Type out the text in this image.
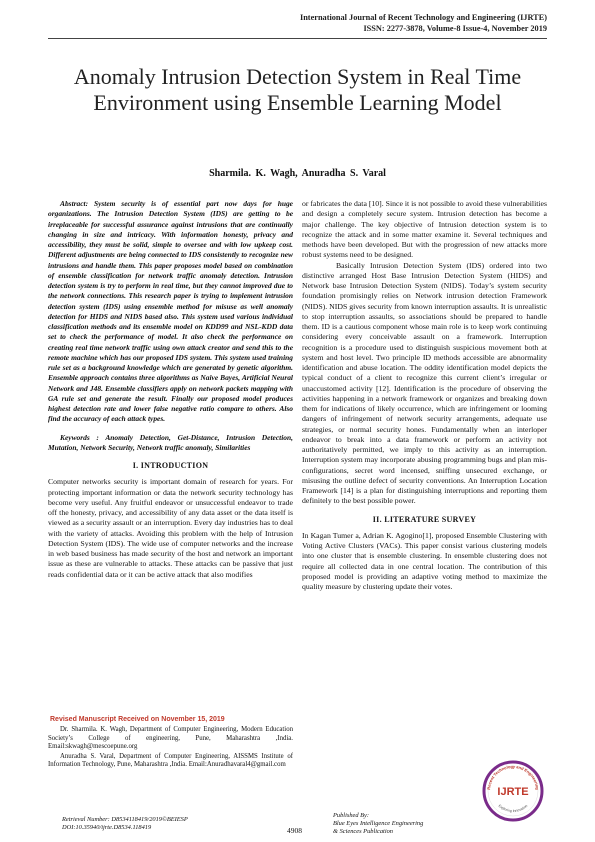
International Journal of Recent Technology and Engineering (IJRTE)
ISSN: 2277-3878, Volume-8 Issue-4, November 2019
Anomaly Intrusion Detection System in Real Time Environment using Ensemble Learning Model
Sharmila. K. Wagh, Anuradha S. Varal

Abstract: System security is of essential part now days for huge organizations. The Intrusion Detection System (IDS) are getting to be irreplaceable for successful assurance against intrusions that are continually changing in size and intricacy. With information honesty, privacy and accessibility, they must be solid, simple to oversee and with low upkeep cost. Different adjustments are being connected to IDS consistently to recognize new intrusions and handle them. This paper proposes model based on combination of ensemble classification for network traffic anomaly detection. Intrusion detection system is try to perform in real time, but they cannot improved due to the network connections. This research paper is trying to implement intrusion detection system (IDS) using ensemble method for misuse as well anomaly detection for HIDS and NIDS based also. This system used various individual classification methods and its ensemble model on KDD99 and NSL-KDD data set to check the performance of model. It also check the performance on creating real time network traffic using own attack creator and send this to the remote machine which has our proposed IDS system. This system used training rule set as a background knowledge which are generated by genetic algorithm. Ensemble approach contains three algorithms as Naive Bayes, Artificial Neural Network and J48. Ensemble classifiers apply on network packets mapping with GA rule set and generate the result. Finally our proposed model produces highest detection rate and lower false negative ratio compare to others. Also find the accuracy of each attack types.

Keywords : Anomaly Detection, Get-Distance, Intrusion Detection, Mutation, Network Security, Network traffic anomaly, Similarities

I. INTRODUCTION

Computer networks security is important domain of research for years. For protecting important information or data the network security technology has become very useful. Any fruitful endeavor or unsuccessful endeavor to trade off the honesty, privacy, and accessibility of any data asset or the data itself is viewed as a security assault or an interruption. Every day industries has to deal with the variety of attacks. Avoiding this problem with the help of Intrusion Detection System (IDS). The wide use of computer networks and the increase in web based business has made security of the host and network an important issue as these are vulnerable to attacks. These attacks can be passive that just reads confidential data or it can be active attack that also modifies

or fabricates the data [10]. Since it is not possible to avoid these vulnerabilities and design a completely secure system. Intrusion detection has become a major challenge. The key objective of Intrusion detection system is to recognize the attack and in some matter examine it. Several techniques and methods have been developed. But with the progression of new attacks more robust systems need to be designed.

Basically Intrusion Detection System (IDS) ordered into two distinctive arranged Host Base Intrusion Detection System (HIDS) and Network base Intrusion Detection System (NIDS). Today’s system security foundation promisingly relies on Network intrusion detection Framework (NIDS). NIDS gives security from known interruption assaults. It is unrealistic to stop interruption assaults, so associations should be prepared to handle them. ID is a cautious component whose main role is to keep work continuing considering every conceivable assault on a framework. Interruption recognition is a procedure used to distinguish suspicious movement both at system and host level. Two principle ID methods accessible are abnormality identification and abuse location. The oddity identification model depicts the typical conduct of a client to recognize this current client’s irregular or unaccustomed activity [12]. Identification is the procedure of observing the activities happening in a network framework or organizes and breaking down them for indications of likely occurrence, which are infringement or looming dangers of infringement of network security arrangements, adequate use strategies, or normal security hones. Fundamentally when an interloper endeavor to break into a data framework or perform an activity not authoritatively permitted, we imply to this activity as an interruption. Interruption system may incorporate abusing programming bugs and plan mis-configurations, secret word incensed, sniffing unsecured exchange, or misusing the outline defect of security conventions. An Interruption Location Framework [14] is a plan for distinguishing interruptions and reporting them definitely to the best possible power.

II. LITERATURE SURVEY

In Kagan Tumer a, Adrian K. Agogino[1], proposed Ensemble Clustering with Voting Active Clusters (VACs). This paper consist various clustering models into one cluster that is ensemble clustering. In ensemble clustering does not require all collected data in one central location. The contribution of this proposed model is providing an adaptive voting method to maximize the quality measure by clustering update their votes.

Revised Manuscript Received on November 15, 2019

Dr. Sharmila. K. Wagh, Department of Computer Engineering, Modern Education Society’s College of engineering, Pune, Maharashtra ,India. Email:skwagh@mescoepune.org

Anuradha S. Varal, Department of Computer Engineering, AISSMS Institute of Information Technology, Pune, Maharashtra ,India. Email:Anuradhavaral4@gmail.com

Retrieval Number: D8534118419/2019©BEIESP
DOI:10.35940/ijrte.D8534.118419	4908
Published By:
Blue Eyes Intelligence Engineering
& Sciences Publication
Recent Technology and Engineering
IJRTE
Exploring Innovation
